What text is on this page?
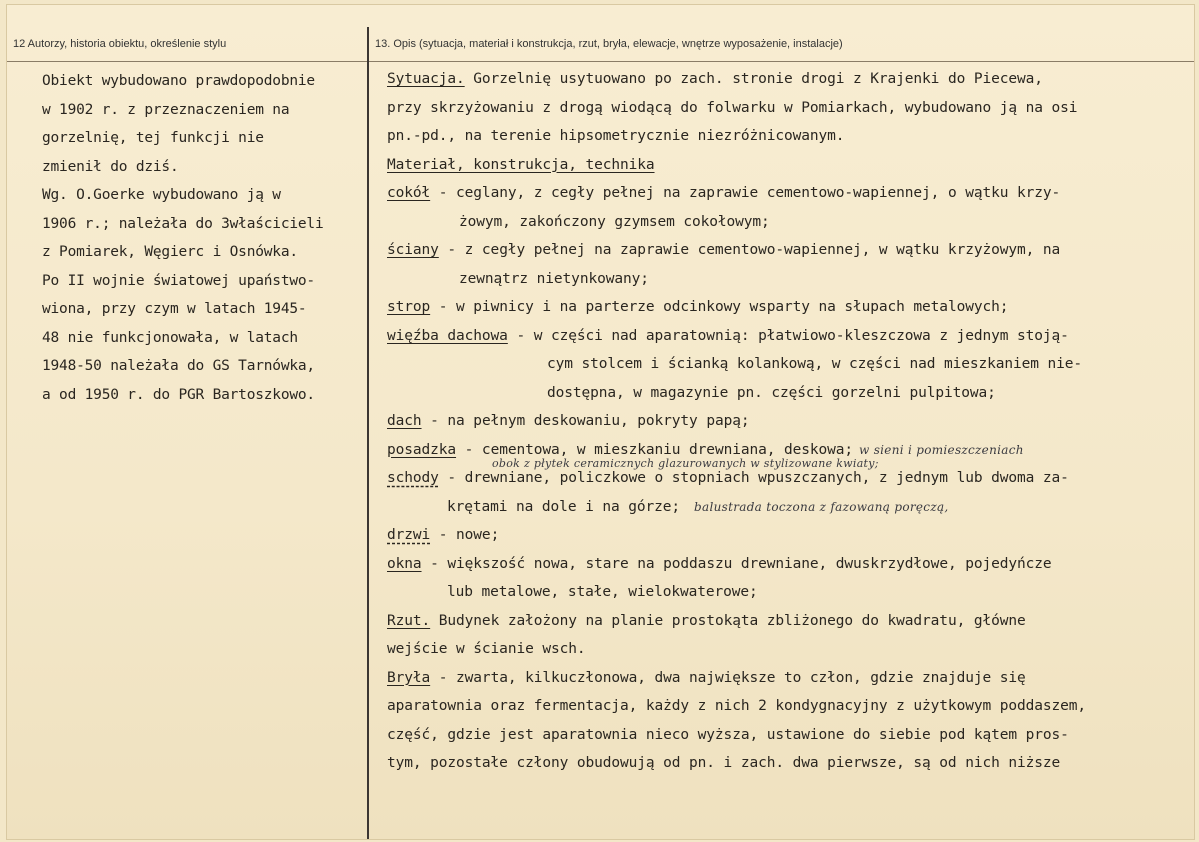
12 Autorzy, historia obiektu, określenie stylu	13. Opis (sytuacja, materiał i konstrukcja, rzut, bryła, elewacje, wnętrze wyposażenie, instalacje)
Obiekt wybudowano prawdopodobnie
w 1902 r. z przeznaczeniem na
gorzelnię, tej funkcji nie
zmienił do dziś.
Wg. O.Goerke wybudowano ją w
1906 r.; należała do 3właścicieli
z Pomiarek, Węgierc i Osnówka.
Po II wojnie światowej upaństwo-
wiona, przy czym w latach 1945-
48 nie funkcjonowała, w latach
1948-50 należała do GS Tarnówka,
a od 1950 r. do PGR Bartoszkowo.
Sytuacja. Gorzelnię usytuowano po zach. stronie drogi z Krajenki do Piecewa,
przy skrzyżowaniu z drogą wiodącą do folwarku w Pomiarkach, wybudowano ją na osi
pn.-pd., na terenie hipsometrycznie niezróżnicowanym.
Materiał, konstrukcja, technika
cokół - ceglany, z cegły pełnej na zaprawie cementowo-wapiennej, o wątku krzy-
żowym, zakończony gzymsem cokołowym;
ściany - z cegły pełnej na zaprawie cementowo-wapiennej, w wątku krzyżowym, na
zewnątrz nietynkowany;
strop - w piwnicy i na parterze odcinkowy wsparty na słupach metalowych;
więźba dachowa - w części nad aparatownią: płatwiowo-kleszczowa z jednym stoją-
cym stolcem i ścianką kolankową, w części nad mieszkaniem nie-
dostępna, w magazynie pn. części gorzelni pulpitowa;
dach - na pełnym deskowaniu, pokryty papą;
posadzka - cementowa, w mieszkaniu drewniana, deskowa; w sieni i pomieszczeniach
obok z płytek ceramicznych glazurowanych w stylizowane kwiaty;
schody - drewniane, policzkowe o stopniach wpuszczanych, z jednym lub dwoma za-
krętami na dole i na górze; balustrada toczona z fazowaną poręczą,
drzwi - nowe;
okna - większość nowa, stare na poddaszu drewniane, dwuskrzydłowe, pojedyńcze
lub metalowe, stałe, wielokwaterowe;
Rzut. Budynek założony na planie prostokąta zbliżonego do kwadratu, główne
wejście w ścianie wsch.
Bryła - zwarta, kilkuczłonowa, dwa największe to człon, gdzie znajduje się
aparatownia oraz fermentacja, każdy z nich 2 kondygnacyjny z użytkowym poddaszem,
część, gdzie jest aparatownia nieco wyższa, ustawione do siebie pod kątem pros-
tym, pozostałe człony obudowują od pn. i zach. dwa pierwsze, są od nich niższe
